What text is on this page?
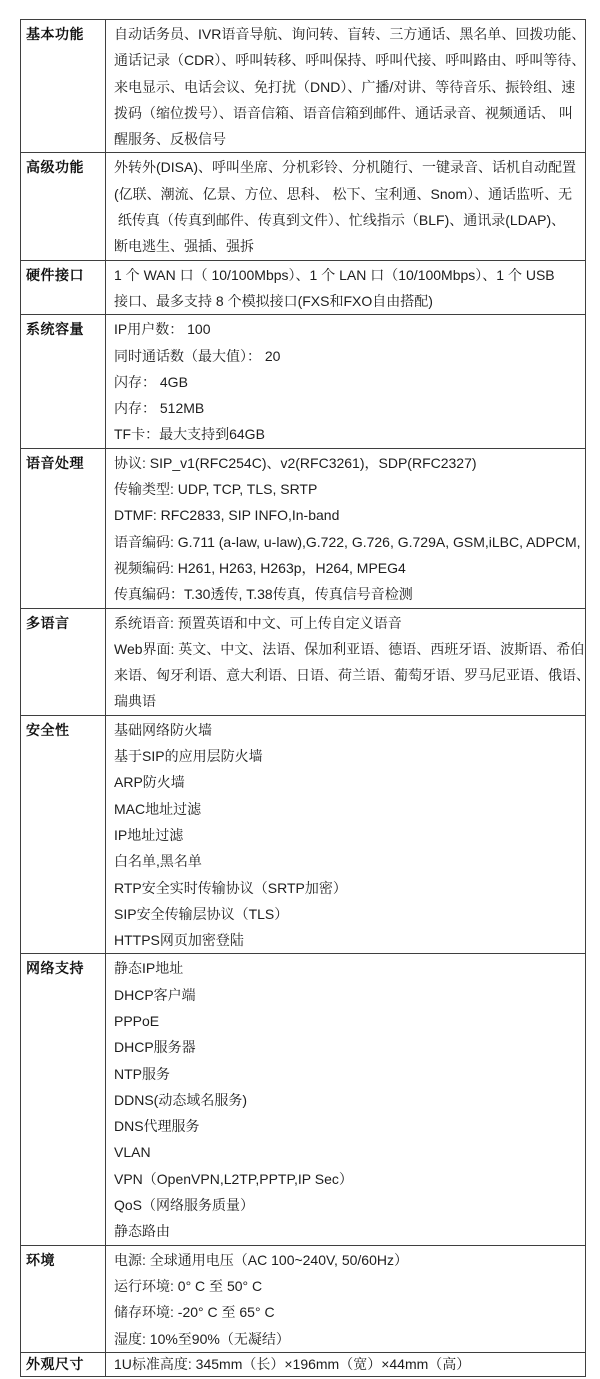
基本功能	自动话务员、IVR语音导航、询问转、盲转、三方通话、黑名单、回拨功能、
通话记录（CDR）、呼叫转移、呼叫保持、呼叫代接、呼叫路由、呼叫等待、
来电显示、电话会议、免打扰（DND）、广播/对讲、等待音乐、振铃组、速
拨码（缩位拨号）、语音信箱、语音信箱到邮件、通话录音、视频通话、 叫
醒服务、反极信号

高级功能	外转外(DISA)、呼叫坐席、分机彩铃、分机随行、一键录音、话机自动配置
(亿联、潮流、亿景、方位、思科、 松下、宝利通、Snom）、通话监听、无
纸传真（传真到邮件、传真到文件）、忙线指示（BLF)、通讯录(LDAP)、
断电逃生、强插、强拆

硬件接口	1 个 WAN 口（ 10/100Mbps）、1 个 LAN 口（10/100Mbps）、1 个 USB
接口、最多支持 8 个模拟接口(FXS和FXO自由搭配)

系统容量	IP用户数： 100
同时通话数（最大值）： 20
闪存： 4GB
内存： 512MB
TF卡：最大支持到64GB

语音处理	协议: SIP_v1(RFC254C)、v2(RFC3261)，SDP(RFC2327)
传输类型: UDP, TCP, TLS, SRTP
DTMF: RFC2833, SIP INFO,In-band
语音编码: G.711 (a-law, u-law),G.722, G.726, G.729A, GSM,iLBC, ADPCM,
视频编码: H261, H263, H263p，H264, MPEG4
传真编码：T.30透传, T.38传真，传真信号音检测

多语言	系统语音: 预置英语和中文、可上传自定义语音
Web界面: 英文、中文、法语、保加利亚语、德语、西班牙语、波斯语、希伯
来语、匈牙利语、意大利语、日语、荷兰语、葡萄牙语、罗马尼亚语、俄语、
瑞典语

安全性	基础网络防火墙
基于SIP的应用层防火墙
ARP防火墙
MAC地址过滤
IP地址过滤
白名单,黑名单
RTP安全实时传输协议（SRTP加密）
SIP安全传输层协议（TLS）
HTTPS网页加密登陆

网络支持	静态IP地址
DHCP客户端
PPPoE
DHCP服务器
NTP服务
DDNS(动态域名服务)
DNS代理服务
VLAN
VPN（OpenVPN,L2TP,PPTP,IP Sec）
QoS（网络服务质量）
静态路由

环境	电源: 全球通用电压（AC 100~240V, 50/60Hz）
运行环境: 0° C 至 50° C
储存环境: -20° C 至 65° C
湿度: 10%至90%（无凝结）

外观尺寸	1U标准高度: 345mm（长）×196mm（宽）×44mm（高）
